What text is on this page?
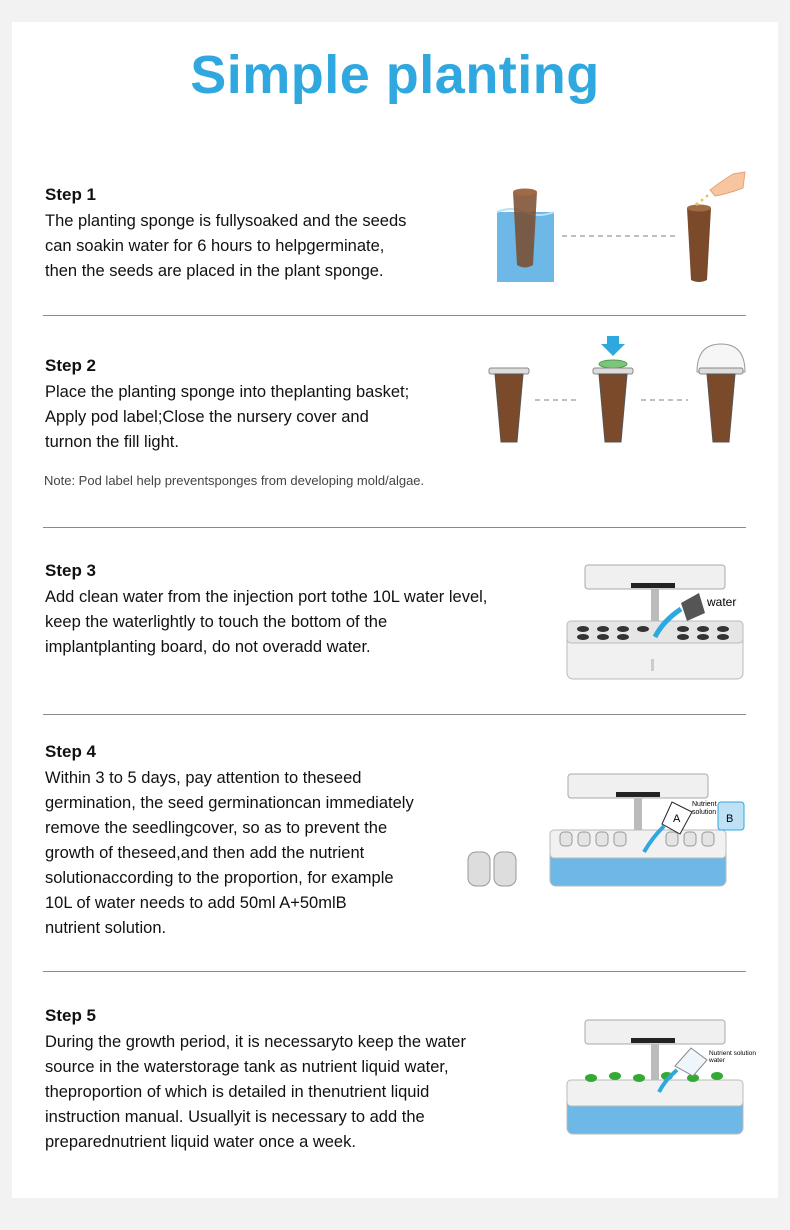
Simple planting
Step 1

The planting sponge is fullysoaked and the seeds
can soakin water for 6 hours to helpgerminate,
then the seeds are placed in the plant sponge.

Step 2

Place the planting sponge into theplanting basket;
Apply pod label;Close the nursery cover and
turnon the fill light.

Note: Pod label help preventsponges from developing mold/algae.
Step 3

Add clean water from the injection port tothe 10L water level,
keep the waterlightly to touch the bottom of the
implantplanting board, do not overadd water.

water
Step 4

Within 3 to 5 days, pay attention to theseed
germination, the seed germinationcan immediately
remove the seedlingcover, so as to prevent the
growth of theseed,and then add the nutrient
solutionaccording to the proportion, for example
10L of water needs to add 50ml A+50mlB
nutrient solution.

A
Nutrient
solution
B
Step 5

During the growth period, it is necessaryto keep the water
source in the waterstorage tank as nutrient liquid water,
theproportion of which is detailed in thenutrient liquid
instruction manual. Usuallyit is necessary to add the
preparednutrient liquid water once a week.

Nutrient solution
water
